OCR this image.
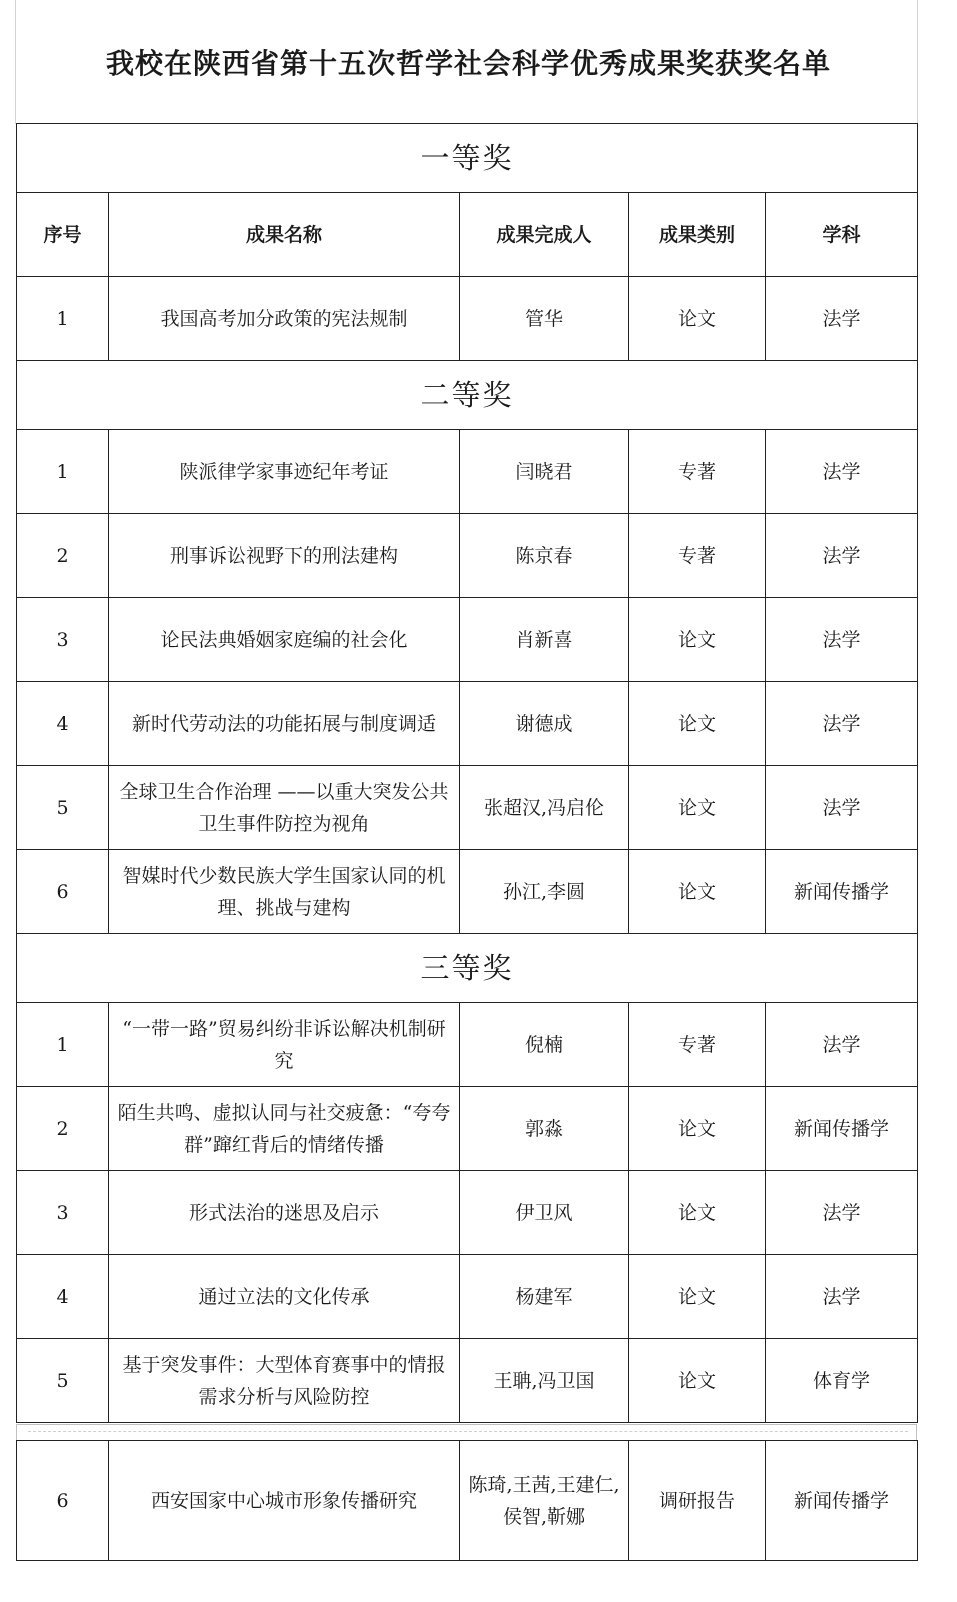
我校在陕西省第十五次哲学社会科学优秀成果奖获奖名单
一等奖				
序号	成果名称	成果完成人	成果类别	学科
1	我国高考加分政策的宪法规制	管华	论文	法学
二等奖				
1	陕派律学家事迹纪年考证	闫晓君	专著	法学
2	刑事诉讼视野下的刑法建构	陈京春	专著	法学
3	论民法典婚姻家庭编的社会化	肖新喜	论文	法学
4	新时代劳动法的功能拓展与制度调适	谢德成	论文	法学
5	全球卫生合作治理 ——以重大突发公共卫生事件防控为视角	张超汉,冯启伦	论文	法学
6	智媒时代少数民族大学生国家认同的机理、挑战与建构	孙江,李圆	论文	新闻传播学
三等奖				
1	“一带一路”贸易纠纷非诉讼解决机制研究	倪楠	专著	法学
2	陌生共鸣、虚拟认同与社交疲惫：“夸夸群”蹿红背后的情绪传播	郭淼	论文	新闻传播学
3	形式法治的迷思及启示	伊卫风	论文	法学
4	通过立法的文化传承	杨建军	论文	法学
5	基于突发事件：大型体育赛事中的情报需求分析与风险防控	王聃,冯卫国	论文	体育学
6	西安国家中心城市形象传播研究	陈琦,王茜,王建仁,侯智,靳娜	调研报告	新闻传播学
